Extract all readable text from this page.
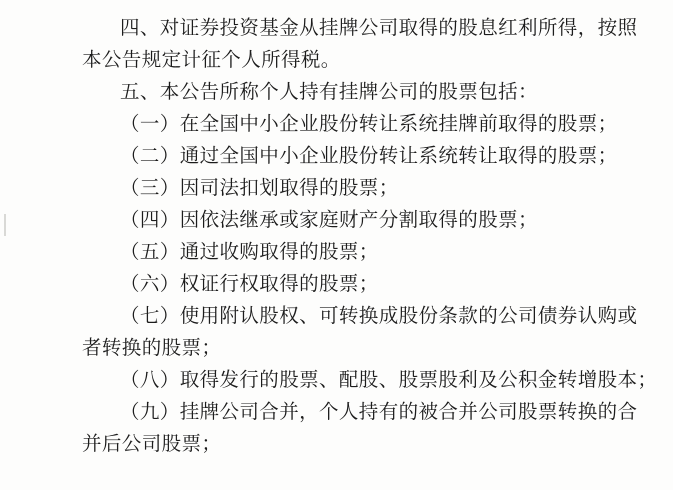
四、对证券投资基金从挂牌公司取得的股息红利所得，按照

本公告规定计征个人所得税。

五、本公告所称个人持有挂牌公司的股票包括：

（一）在全国中小企业股份转让系统挂牌前取得的股票；

（二）通过全国中小企业股份转让系统转让取得的股票；

（三）因司法扣划取得的股票；

（四）因依法继承或家庭财产分割取得的股票；

（五）通过收购取得的股票；

（六）权证行权取得的股票；

（七）使用附认股权、可转换成股份条款的公司债券认购或

者转换的股票；

（八）取得发行的股票、配股、股票股利及公积金转增股本；

（九）挂牌公司合并，个人持有的被合并公司股票转换的合

并后公司股票；
